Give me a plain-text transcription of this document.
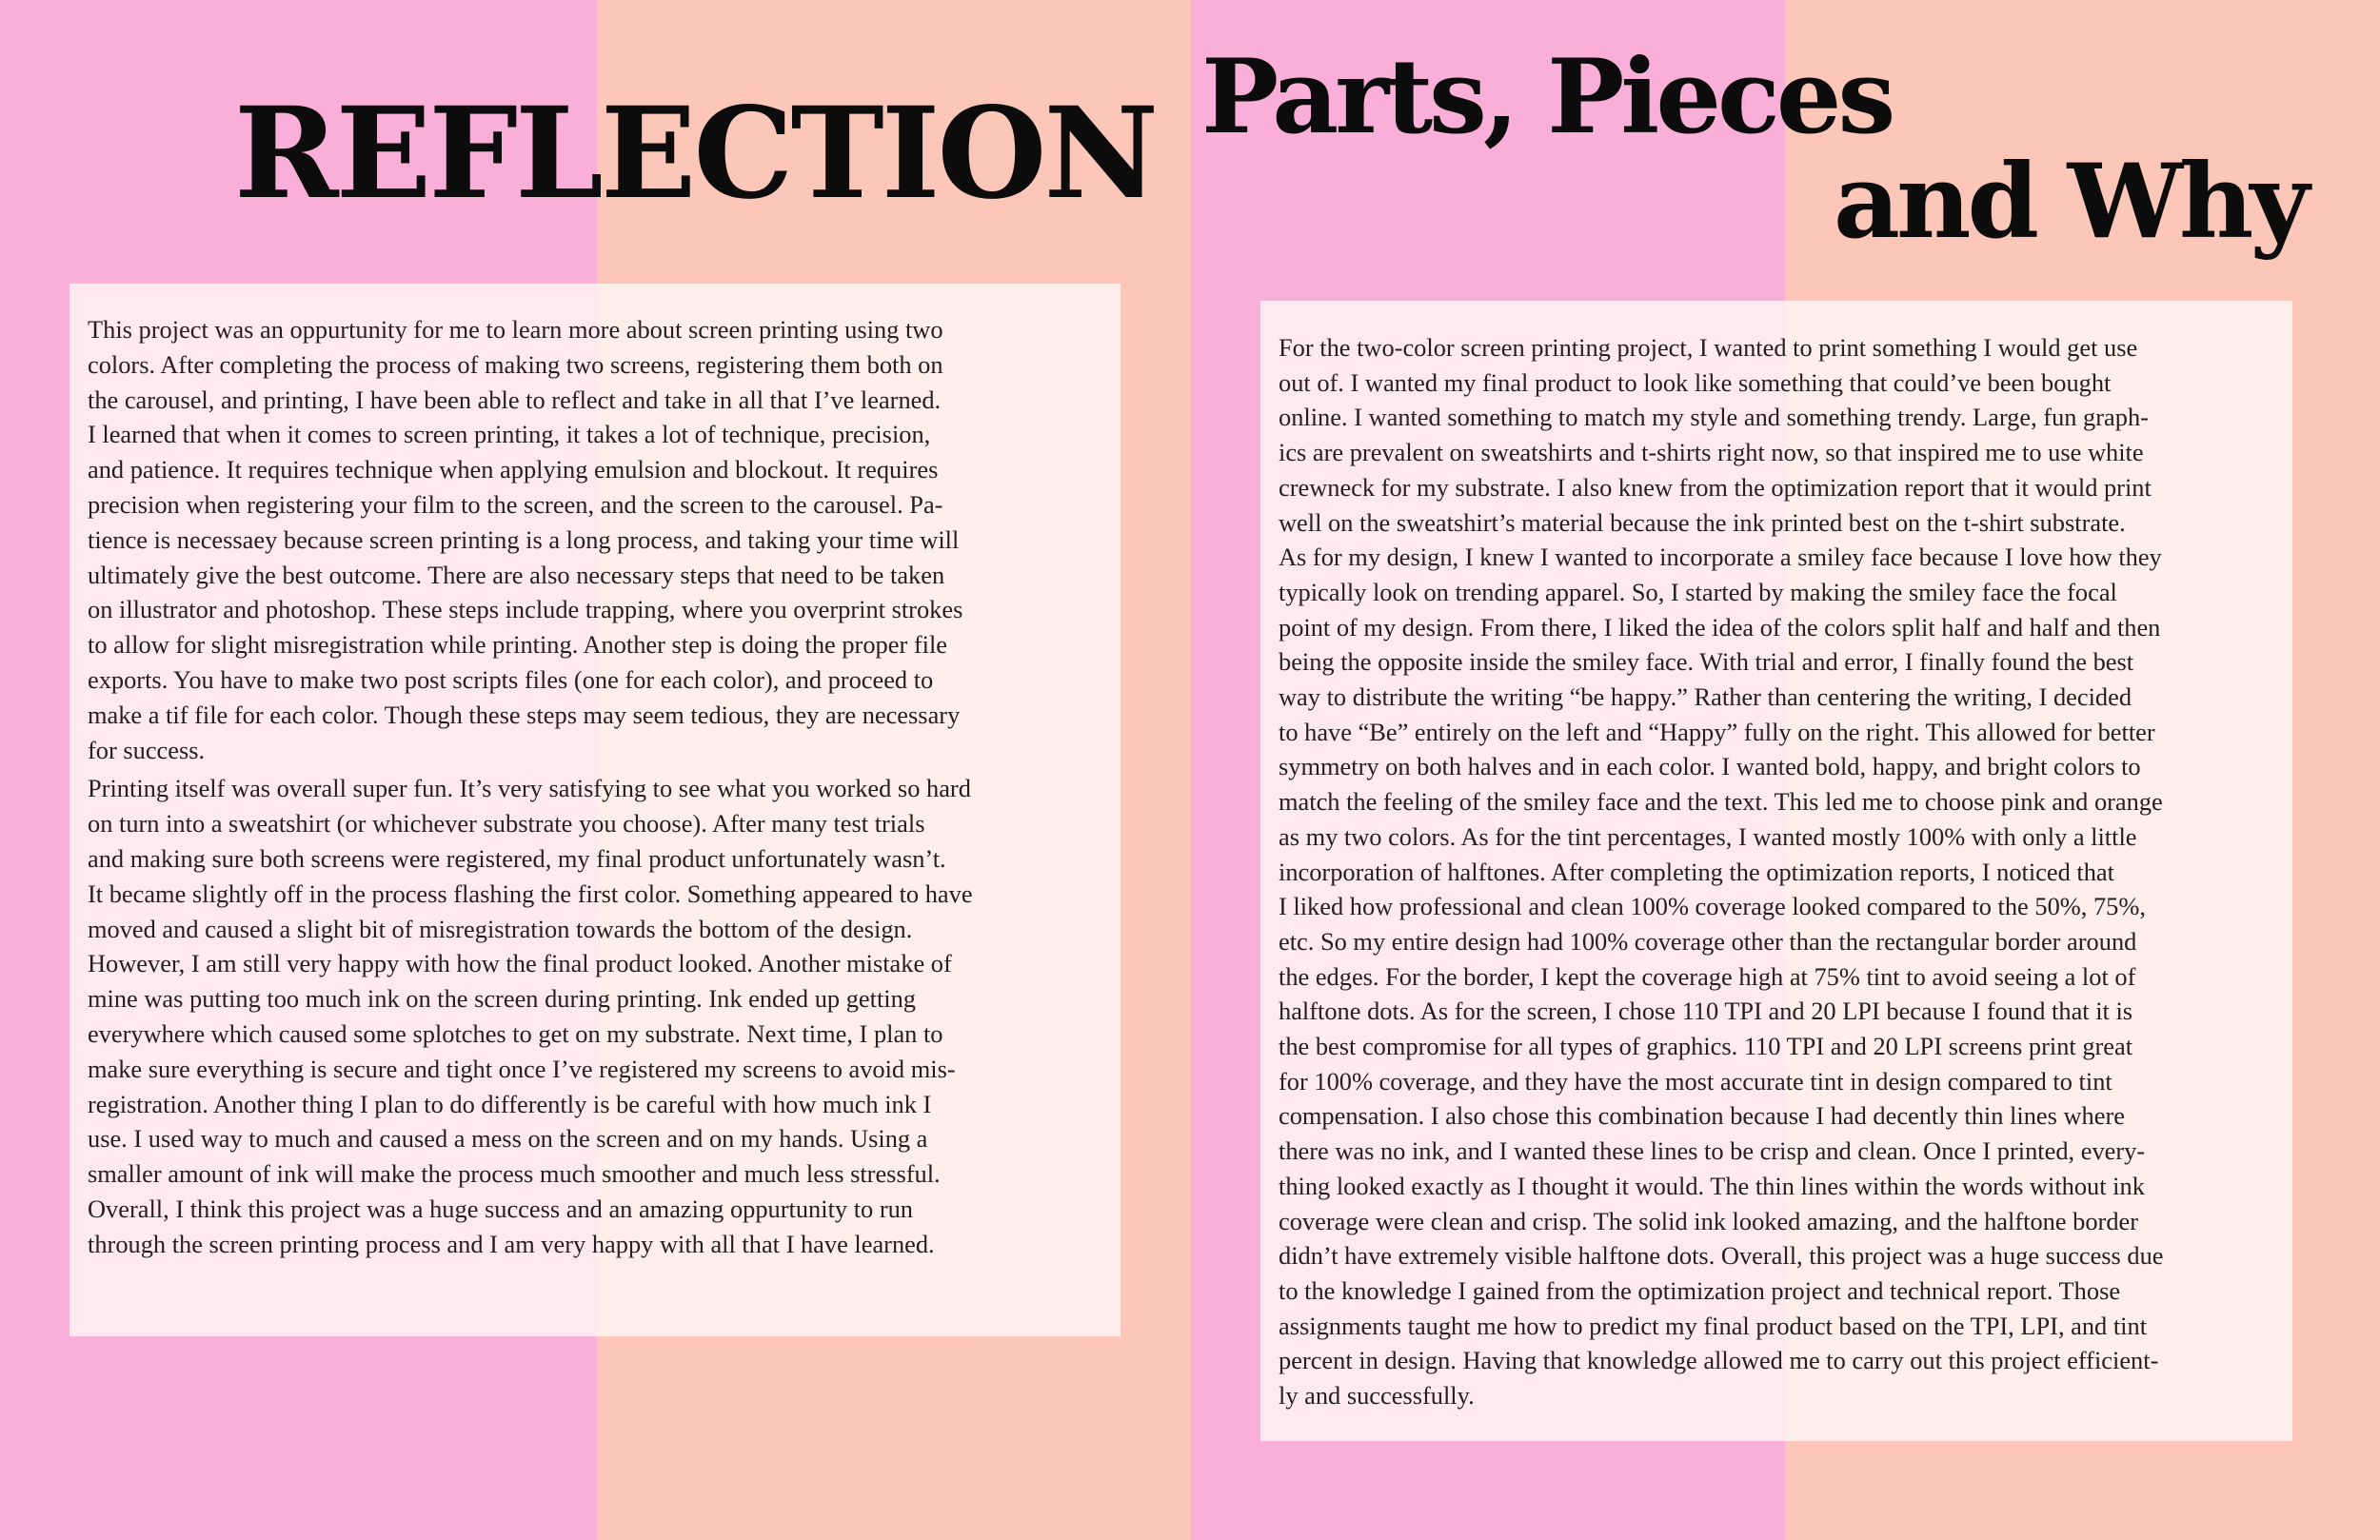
REFLECTION

This project was an oppurtunity for me to learn more about screen printing using two
colors. After completing the process of making two screens, registering them both on
the carousel, and printing, I have been able to reflect and take in all that I’ve learned.
I learned that when it comes to screen printing, it takes a lot of technique, precision,
and patience. It requires technique when applying emulsion and blockout. It requires
precision when registering your film to the screen, and the screen to the carousel. Pa-
tience is necessaey because screen printing is a long process, and taking your time will
ultimately give the best outcome. There are also necessary steps that need to be taken
on illustrator and photoshop. These steps include trapping, where you overprint strokes
to allow for slight misregistration while printing. Another step is doing the proper file
exports. You have to make two post scripts files (one for each color), and proceed to
make a tif file for each color. Though these steps may seem tedious, they are necessary
for success.

Printing itself was overall super fun. It’s very satisfying to see what you worked so hard
on turn into a sweatshirt (or whichever substrate you choose). After many test trials
and making sure both screens were registered, my final product unfortunately wasn’t.
It became slightly off in the process flashing the first color. Something appeared to have
moved and caused a slight bit of misregistration towards the bottom of the design.
However, I am still very happy with how the final product looked. Another mistake of
mine was putting too much ink on the screen during printing. Ink ended up getting
everywhere which caused some splotches to get on my substrate. Next time, I plan to
make sure everything is secure and tight once I’ve registered my screens to avoid mis-
registration. Another thing I plan to do differently is be careful with how much ink I
use. I used way to much and caused a mess on the screen and on my hands. Using a
smaller amount of ink will make the process much smoother and much less stressful.
Overall, I think this project was a huge success and an amazing oppurtunity to run
through the screen printing process and I am very happy with all that I have learned.

Parts, Pieces
and Why

For the two-color screen printing project, I wanted to print something I would get use
out of. I wanted my final product to look like something that could’ve been bought
online. I wanted something to match my style and something trendy. Large, fun graph-
ics are prevalent on sweatshirts and t-shirts right now, so that inspired me to use white
crewneck for my substrate. I also knew from the optimization report that it would print
well on the sweatshirt’s material because the ink printed best on the t-shirt substrate.
As for my design, I knew I wanted to incorporate a smiley face because I love how they
typically look on trending apparel. So, I started by making the smiley face the focal
point of my design. From there, I liked the idea of the colors split half and half and then
being the opposite inside the smiley face. With trial and error, I finally found the best
way to distribute the writing “be happy.” Rather than centering the writing, I decided
to have “Be” entirely on the left and “Happy” fully on the right. This allowed for better
symmetry on both halves and in each color. I wanted bold, happy, and bright colors to
match the feeling of the smiley face and the text. This led me to choose pink and orange
as my two colors. As for the tint percentages, I wanted mostly 100% with only a little
incorporation of halftones. After completing the optimization reports, I noticed that
I liked how professional and clean 100% coverage looked compared to the 50%, 75%,
etc. So my entire design had 100% coverage other than the rectangular border around
the edges. For the border, I kept the coverage high at 75% tint to avoid seeing a lot of
halftone dots. As for the screen, I chose 110 TPI and 20 LPI because I found that it is
the best compromise for all types of graphics. 110 TPI and 20 LPI screens print great
for 100% coverage, and they have the most accurate tint in design compared to tint
compensation. I also chose this combination because I had decently thin lines where
there was no ink, and I wanted these lines to be crisp and clean. Once I printed, every-
thing looked exactly as I thought it would. The thin lines within the words without ink
coverage were clean and crisp. The solid ink looked amazing, and the halftone border
didn’t have extremely visible halftone dots. Overall, this project was a huge success due
to the knowledge I gained from the optimization project and technical report. Those
assignments taught me how to predict my final product based on the TPI, LPI, and tint
percent in design. Having that knowledge allowed me to carry out this project efficient-
ly and successfully.
